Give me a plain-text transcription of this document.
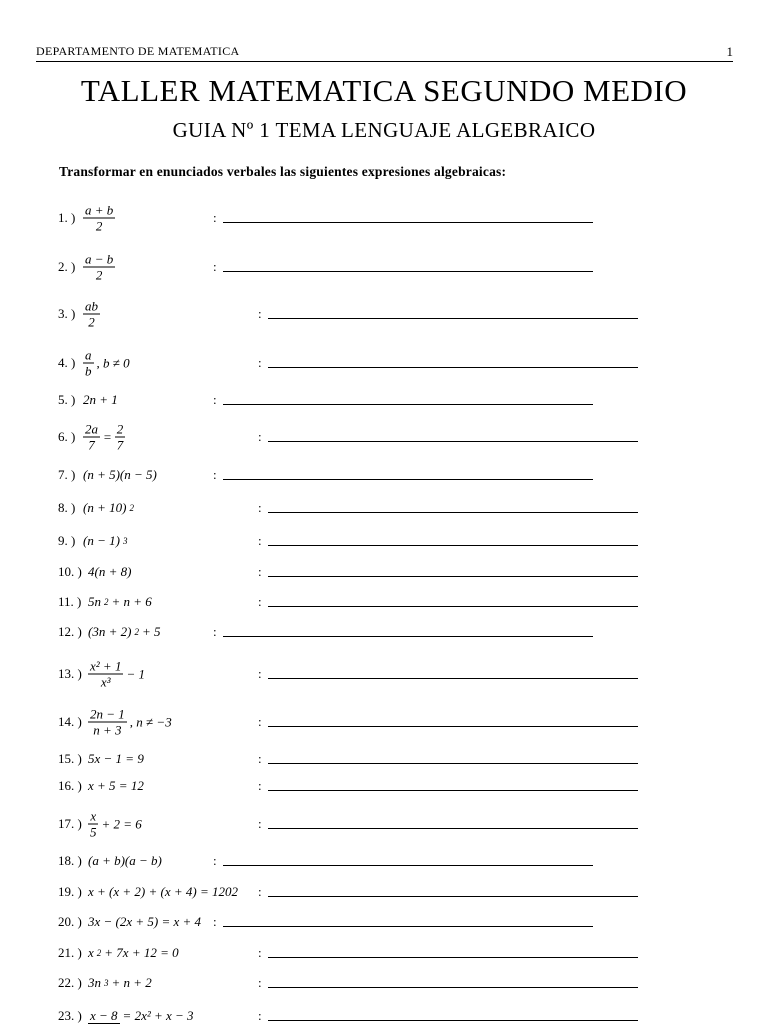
DEPARTAMENTO DE MATEMATICA	1
TALLER MATEMATICA SEGUNDO MEDIO
GUIA Nº 1 TEMA LENGUAJE ALGEBRAICO
Transformar en enunciados verbales las siguientes expresiones algebraicas:
1. ) $\frac{a + b}{2}$	:
2. ) $\frac{a - b}{2}$	:
3. ) $\frac{ab}{2}$	:
4. ) $\frac{a}{b}$ , b ≠ 0	:
5. ) 2n + 1	:
6. ) $\frac{2a}{7} = \frac{2}{7}$	:
7. ) (n + 5)(n − 5)	:
8. ) (n + 10) 2	:
9. ) (n − 1) 3	:
10. ) 4(n + 8)	:
11. ) 5n 2 + n + 6	:
12. ) (3n + 2) 2 + 5	:
13. ) $\frac{\text{x² + 1}}{\text{x³}} - 1$	:
14. ) $\frac{2n - 1}{n + 3}$ , n ≠ −3	:
15. ) 5x − 1 = 9	:
16. ) x + 5 = 12	:
17. ) $\frac{x}{5} + 2 = 6$	:
18. ) (a + b)(a − b)	:
19. ) x + (x + 2) + (x + 4) = 1202 :
20. ) 3x − (2x + 5) = x + 4 :
21. ) x 2 + 7x + 12 = 0	:
22. ) 3n 3 + n + 2	:
23. ) x − 8 = 2x² + x − 3	:
